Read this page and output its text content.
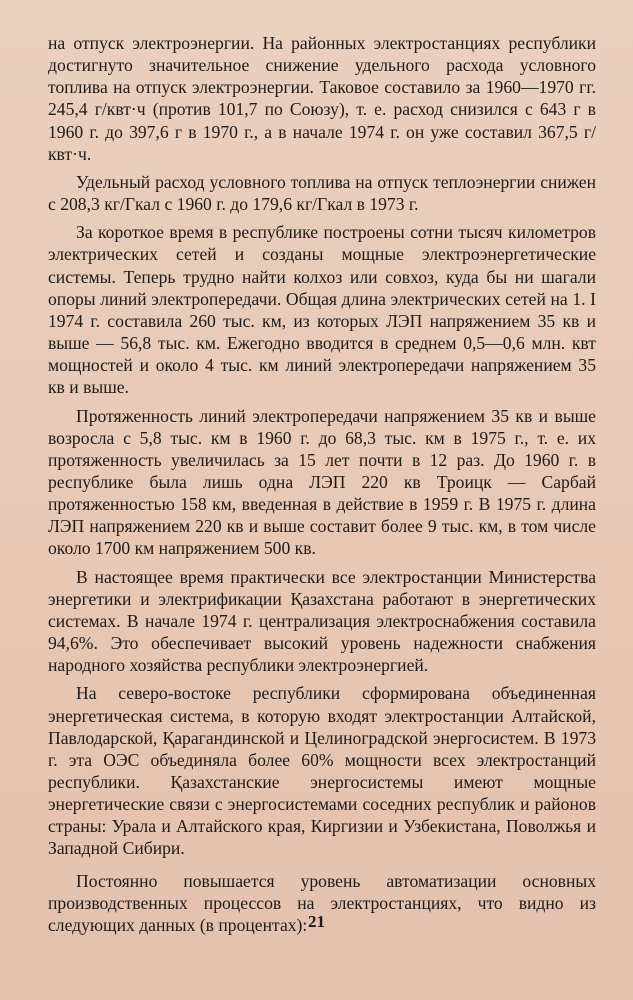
на отпуск электроэнергии. На районных электростанциях республики достигнуто значительное снижение удельного расхода условного топлива на отпуск электроэнергии. Таковое составило за 1960—1970 гг. 245,4 г/квт·ч (против 101,7 по Союзу), т. е. расход снизился с 643 г в 1960 г. до 397,6 г в 1970 г., а в начале 1974 г. он уже составил 367,5 г/квт·ч.

Удельный расход условного топлива на отпуск теплоэнергии снижен с 208,3 кг/Гкал с 1960 г. до 179,6 кг/Гкал в 1973 г.

За короткое время в республике построены сотни тысяч километров электрических сетей и созданы мощные электроэнергетические системы. Теперь трудно найти колхоз или совхоз, куда бы ни шагали опоры линий электропередачи. Общая длина электрических сетей на 1. I 1974 г. составила 260 тыс. км, из которых ЛЭП напряжением 35 кв и выше — 56,8 тыс. км. Ежегодно вводится в среднем 0,5—0,6 млн. квт мощностей и около 4 тыс. км линий электропередачи напряжением 35 кв и выше.

Протяженность линий электропередачи напряжением 35 кв и выше возросла с 5,8 тыс. км в 1960 г. до 68,3 тыс. км в 1975 г., т. е. их протяженность увеличилась за 15 лет почти в 12 раз. До 1960 г. в республике была лишь одна ЛЭП 220 кв Троицк — Сарбай протяженностью 158 км, введенная в действие в 1959 г. В 1975 г. длина ЛЭП напряжением 220 кв и выше составит более 9 тыс. км, в том числе около 1700 км напряжением 500 кв.

В настоящее время практически все электростанции Министерства энергетики и электрификации Қазахстана работают в энергетических системах. В начале 1974 г. централизация электроснабжения составила 94,6%. Это обеспечивает высокий уровень надежности снабжения народного хозяйства республики электроэнергией.

На северо-востоке республики сформирована объединенная энергетическая система, в которую входят электростанции Алтайской, Павлодарской, Қарагандинской и Целиноградской энергосистем. В 1973 г. эта ОЭС объединяла более 60% мощности всех электростанций республики. Қазахстанские энергосистемы имеют мощные энергетические связи с энергосистемами соседних республик и районов страны: Урала и Алтайского края, Киргизии и Узбекистана, Поволжья и Западной Сибири.

Постоянно повышается уровень автоматизации основных производственных процессов на электростанциях, что видно из следующих данных (в процентах): 21
